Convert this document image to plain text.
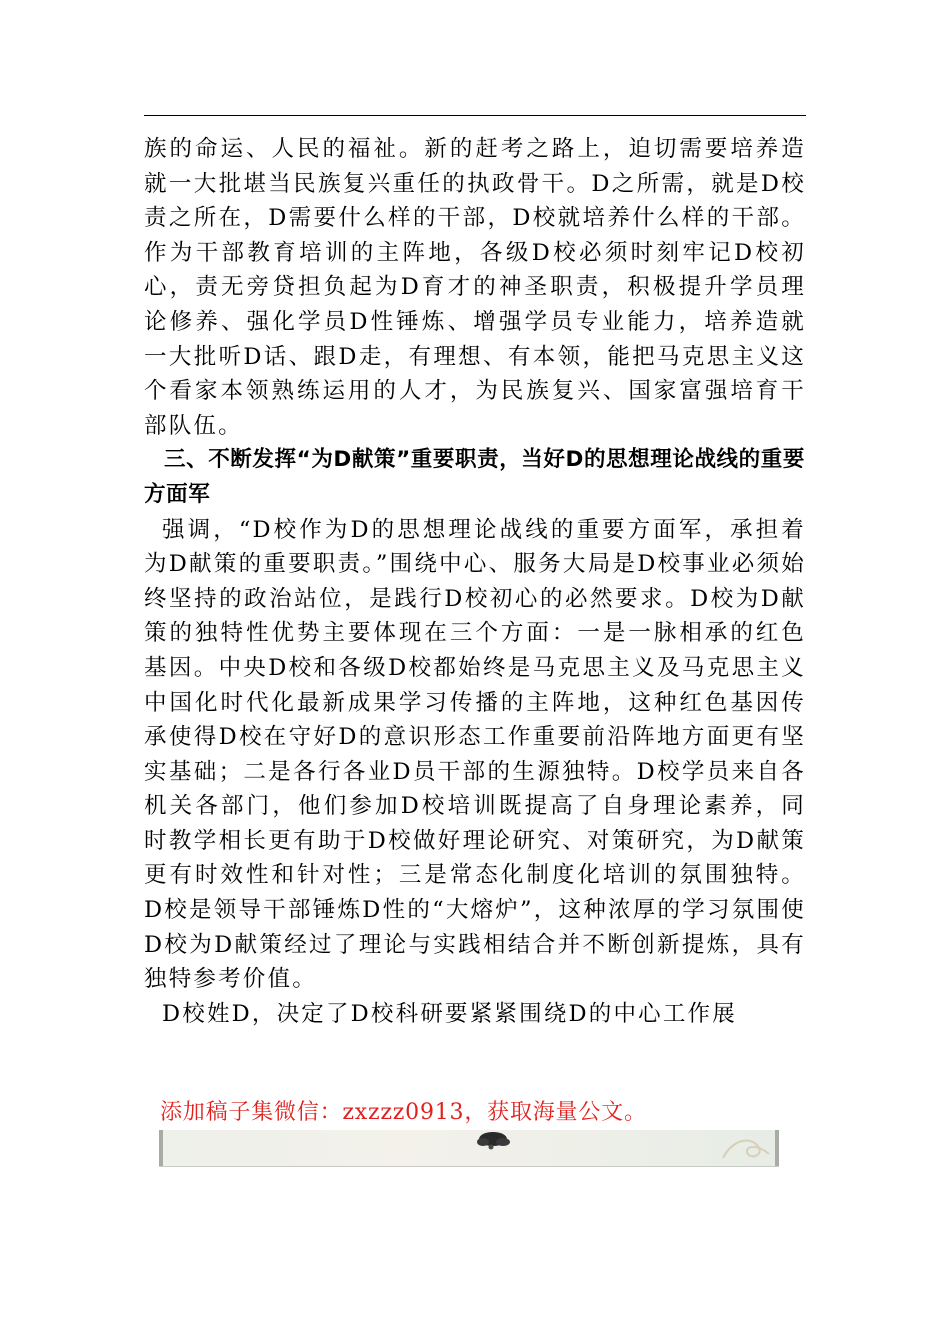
族的命运、人民的福祉。新的赶考之路上，迫切需要培养造就一大批堪当民族复兴重任的执政骨干。D之所需，就是D校责之所在，D需要什么样的干部，D校就培养什么样的干部。作为干部教育培训的主阵地，各级D校必须时刻牢记D校初心，责无旁贷担负起为D育才的神圣职责，积极提升学员理论修养、强化学员D性锤炼、增强学员专业能力，培养造就一大批听D话、跟D走，有理想、有本领，能把马克思主义这个看家本领熟练运用的人才，为民族复兴、国家富强培育干部队伍。

三、不断发挥“为D献策”重要职责，当好D的思想理论战线的重要方面军

强调，“D校作为D的思想理论战线的重要方面军，承担着为D献策的重要职责。”围绕中心、服务大局是D校事业必须始终坚持的政治站位，是践行D校初心的必然要求。D校为D献策的独特性优势主要体现在三个方面：一是一脉相承的红色基因。中央D校和各级D校都始终是马克思主义及马克思主义中国化时代化最新成果学习传播的主阵地，这种红色基因传承使得D校在守好D的意识形态工作重要前沿阵地方面更有坚实基础；二是各行各业D员干部的生源独特。D校学员来自各机关各部门，他们参加D校培训既提高了自身理论素养，同时教学相长更有助于D校做好理论研究、对策研究，为D献策更有时效性和针对性；三是常态化制度化培训的氛围独特。D校是领导干部锤炼D性的“大熔炉”，这种浓厚的学习氛围使D校为D献策经过了理论与实践相结合并不断创新提炼，具有独特参考价值。

D校姓D，决定了D校科研要紧紧围绕D的中心工作展

添加稿子集微信：zxzzz0913，获取海量公文。
